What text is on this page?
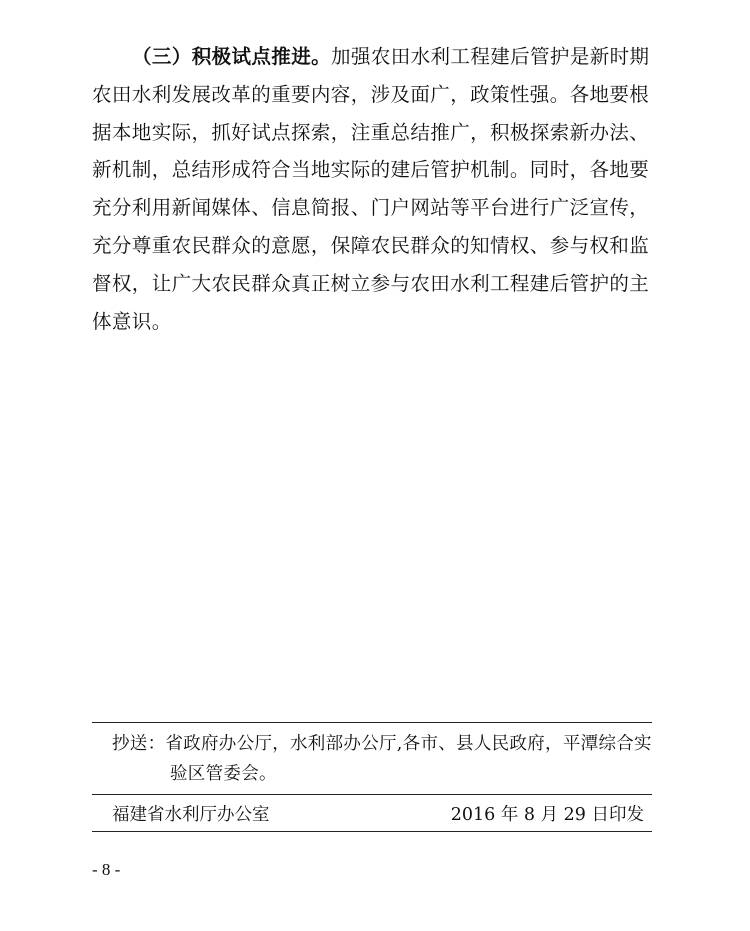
（三）积极试点推进。加强农田水利工程建后管护是新时期
农田水利发展改革的重要内容，涉及面广，政策性强。各地要根
据本地实际，抓好试点探索，注重总结推广，积极探索新办法、
新机制，总结形成符合当地实际的建后管护机制。同时，各地要
充分利用新闻媒体、信息简报、门户网站等平台进行广泛宣传，
充分尊重农民群众的意愿，保障农民群众的知情权、参与权和监
督权，让广大农民群众真正树立参与农田水利工程建后管护的主
体意识。
抄送：省政府办公厅，水利部办公厅,各市、县人民政府，平潭综合实
验区管委会。
福建省水利厅办公室	2016 年 8 月 29 日印发
- 8 -
